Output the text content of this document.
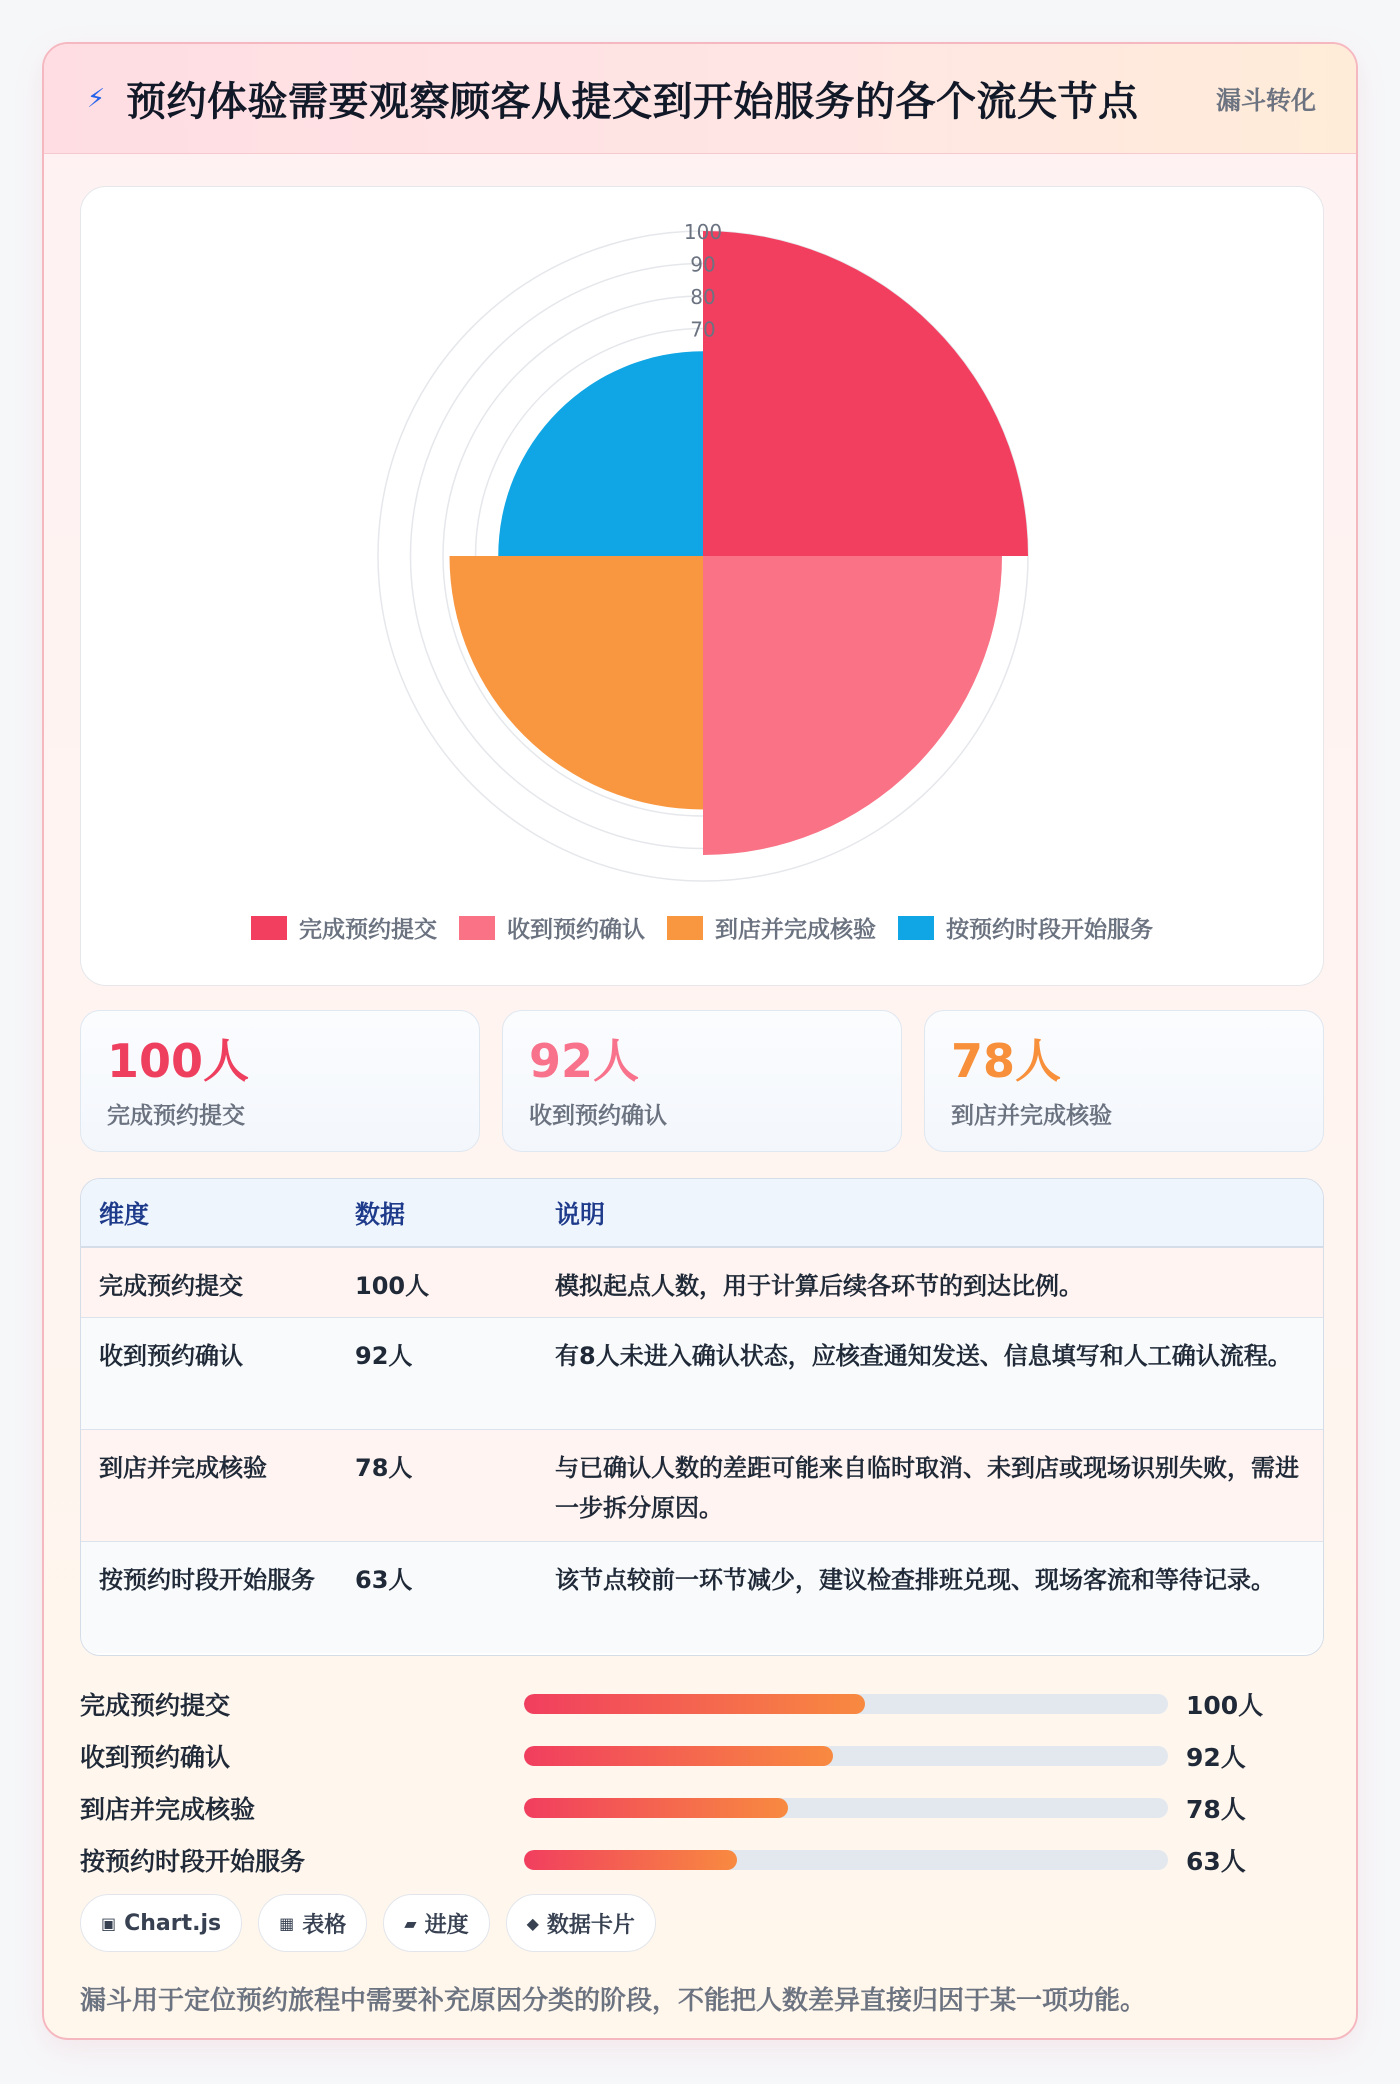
⚡︎ 预约体验需要观察顾客从提交到开始服务的各个流失节点	漏斗转化
100
90
80
70
完成预约提交	收到预约确认	到店并完成核验	按预约时段开始服务
100人
完成预约提交
92人
收到预约确认
78人
到店并完成核验
维度	数据	说明
完成预约提交	100人	模拟起点人数，用于计算后续各环节的到达比例。
收到预约确认	92人	有8人未进入确认状态，应核查通知发送、信息填写和人工确认流程。
到店并完成核验	78人	与已确认人数的差距可能来自临时取消、未到店或现场识别失败，需进一步拆分原因。
按预约时段开始服务	63人	该节点较前一环节减少，建议检查排班兑现、现场客流和等待记录。
完成预约提交	100人
收到预约确认	92人
到店并完成核验	78人
按预约时段开始服务	63人
▣ Chart.js	▦ 表格	▰ 进度	◆ 数据卡片

漏斗用于定位预约旅程中需要补充原因分类的阶段，不能把人数差异直接归因于某一项功能。
